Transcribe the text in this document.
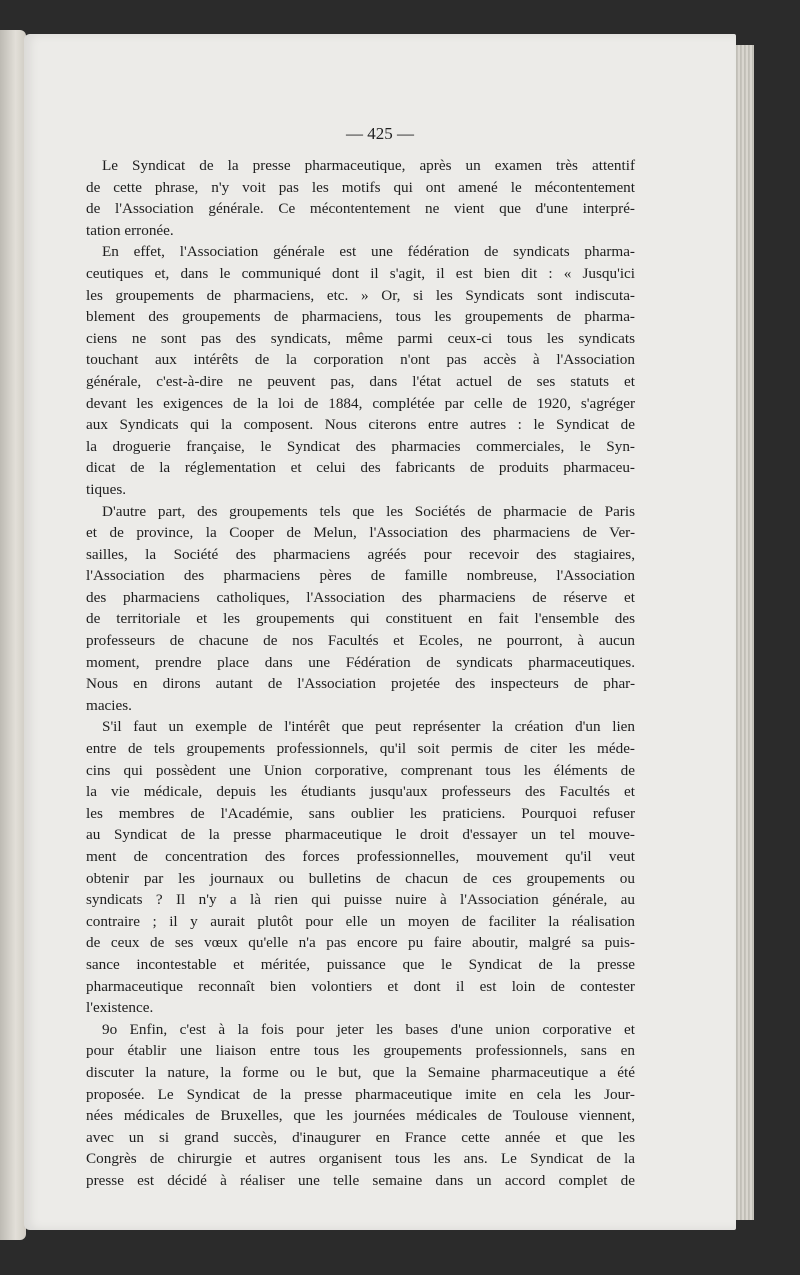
— 425 —
Le Syndicat de la presse pharmaceutique, après un examen très attentif
de cette phrase, n'y voit pas les motifs qui ont amené le mécontentement
de l'Association générale. Ce mécontentement ne vient que d'une interpré-
tation erronée.
En effet, l'Association générale est une fédération de syndicats pharma-
ceutiques et, dans le communiqué dont il s'agit, il est bien dit : « Jusqu'ici
les groupements de pharmaciens, etc. » Or, si les Syndicats sont indiscuta-
blement des groupements de pharmaciens, tous les groupements de pharma-
ciens ne sont pas des syndicats, même parmi ceux-ci tous les syndicats
touchant aux intérêts de la corporation n'ont pas accès à l'Association
générale, c'est-à-dire ne peuvent pas, dans l'état actuel de ses statuts et
devant les exigences de la loi de 1884, complétée par celle de 1920, s'agréger
aux Syndicats qui la composent. Nous citerons entre autres : le Syndicat de
la droguerie française, le Syndicat des pharmacies commerciales, le Syn-
dicat de la réglementation et celui des fabricants de produits pharmaceu-
tiques.
D'autre part, des groupements tels que les Sociétés de pharmacie de Paris
et de province, la Cooper de Melun, l'Association des pharmaciens de Ver-
sailles, la Société des pharmaciens agréés pour recevoir des stagiaires,
l'Association des pharmaciens pères de famille nombreuse, l'Association
des pharmaciens catholiques, l'Association des pharmaciens de réserve et
de territoriale et les groupements qui constituent en fait l'ensemble des
professeurs de chacune de nos Facultés et Ecoles, ne pourront, à aucun
moment, prendre place dans une Fédération de syndicats pharmaceutiques.
Nous en dirons autant de l'Association projetée des inspecteurs de phar-
macies.
S'il faut un exemple de l'intérêt que peut représenter la création d'un lien
entre de tels groupements professionnels, qu'il soit permis de citer les méde-
cins qui possèdent une Union corporative, comprenant tous les éléments de
la vie médicale, depuis les étudiants jusqu'aux professeurs des Facultés et
les membres de l'Académie, sans oublier les praticiens. Pourquoi refuser
au Syndicat de la presse pharmaceutique le droit d'essayer un tel mouve-
ment de concentration des forces professionnelles, mouvement qu'il veut
obtenir par les journaux ou bulletins de chacun de ces groupements ou
syndicats ? Il n'y a là rien qui puisse nuire à l'Association générale, au
contraire ; il y aurait plutôt pour elle un moyen de faciliter la réalisation
de ceux de ses vœux qu'elle n'a pas encore pu faire aboutir, malgré sa puis-
sance incontestable et méritée, puissance que le Syndicat de la presse
pharmaceutique reconnaît bien volontiers et dont il est loin de contester
l'existence.
9o Enfin, c'est à la fois pour jeter les bases d'une union corporative et
pour établir une liaison entre tous les groupements professionnels, sans en
discuter la nature, la forme ou le but, que la Semaine pharmaceutique a été
proposée. Le Syndicat de la presse pharmaceutique imite en cela les Jour-
nées médicales de Bruxelles, que les journées médicales de Toulouse viennent,
avec un si grand succès, d'inaugurer en France cette année et que les
Congrès de chirurgie et autres organisent tous les ans. Le Syndicat de la
presse est décidé à réaliser une telle semaine dans un accord complet de
